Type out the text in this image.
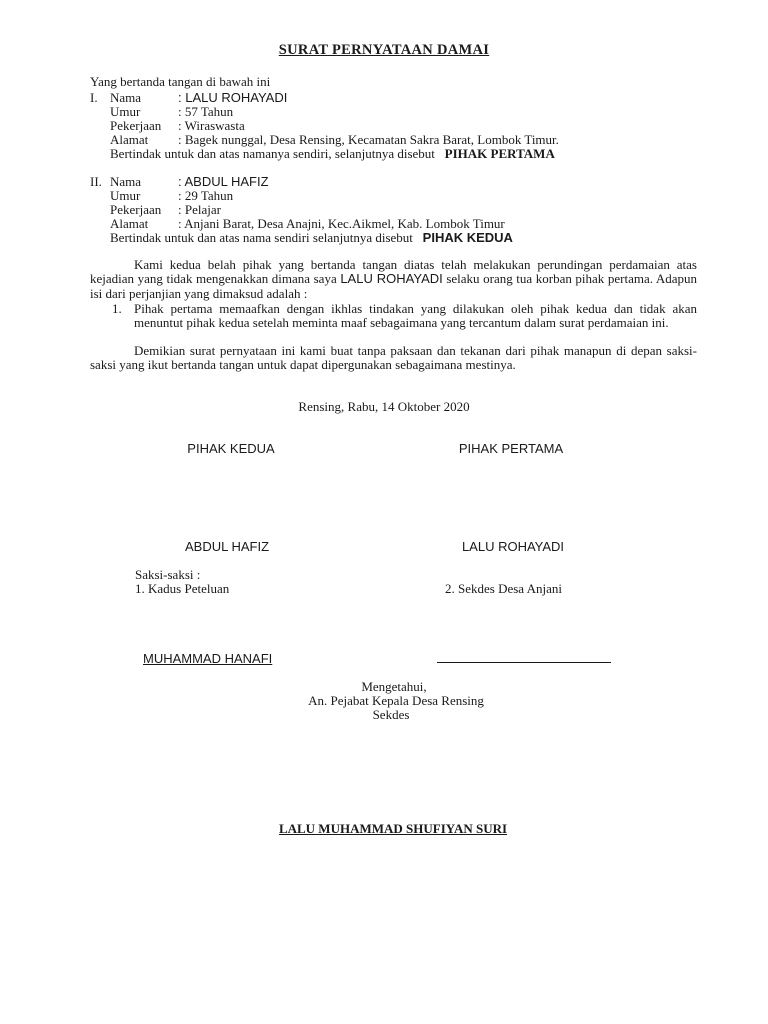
SURAT PERNYATAAN DAMAI
Yang bertanda tangan di bawah ini
I. Nama	: LALU ROHAYADI
Umur	: 57 Tahun
Pekerjaan : Wiraswasta
Alamat : Bagek nunggal, Desa Rensing, Kecamatan Sakra Barat, Lombok Timur.
Bertindak untuk dan atas namanya sendiri, selanjutnya disebut PIHAK PERTAMA
II. Nama	: ABDUL HAFIZ
Umur	: 29 Tahun
Pekerjaan : Pelajar
Alamat : Anjani Barat, Desa Anajni, Kec.Aikmel, Kab. Lombok Timur
Bertindak untuk dan atas nama sendiri selanjutnya disebut PIHAK KEDUA
Kami kedua belah pihak yang bertanda tangan diatas telah melakukan perundingan perdamaian atas kejadian yang tidak mengenakkan dimana saya LALU ROHAYADI selaku orang tua korban pihak pertama. Adapun isi dari perjanjian yang dimaksud adalah :
1. Pihak pertama memaafkan dengan ikhlas tindakan yang dilakukan oleh pihak kedua dan tidak akan menuntut pihak kedua setelah meminta maaf sebagaimana yang tercantum dalam surat perdamaian ini.
Demikian surat pernyataan ini kami buat tanpa paksaan dan tekanan dari pihak manapun di depan saksi-saksi yang ikut bertanda tangan untuk dapat dipergunakan sebagaimana mestinya.
Rensing, Rabu, 14 Oktober 2020
PIHAK KEDUA	PIHAK PERTAMA
ABDUL HAFIZ	LALU ROHAYADI
Saksi-saksi :
1. Kadus Peteluan	2. Sekdes Desa Anjani
MUHAMMAD HANAFI
Mengetahui,
An. Pejabat Kepala Desa Rensing
Sekdes
LALU MUHAMMAD SHUFIYAN SURI
